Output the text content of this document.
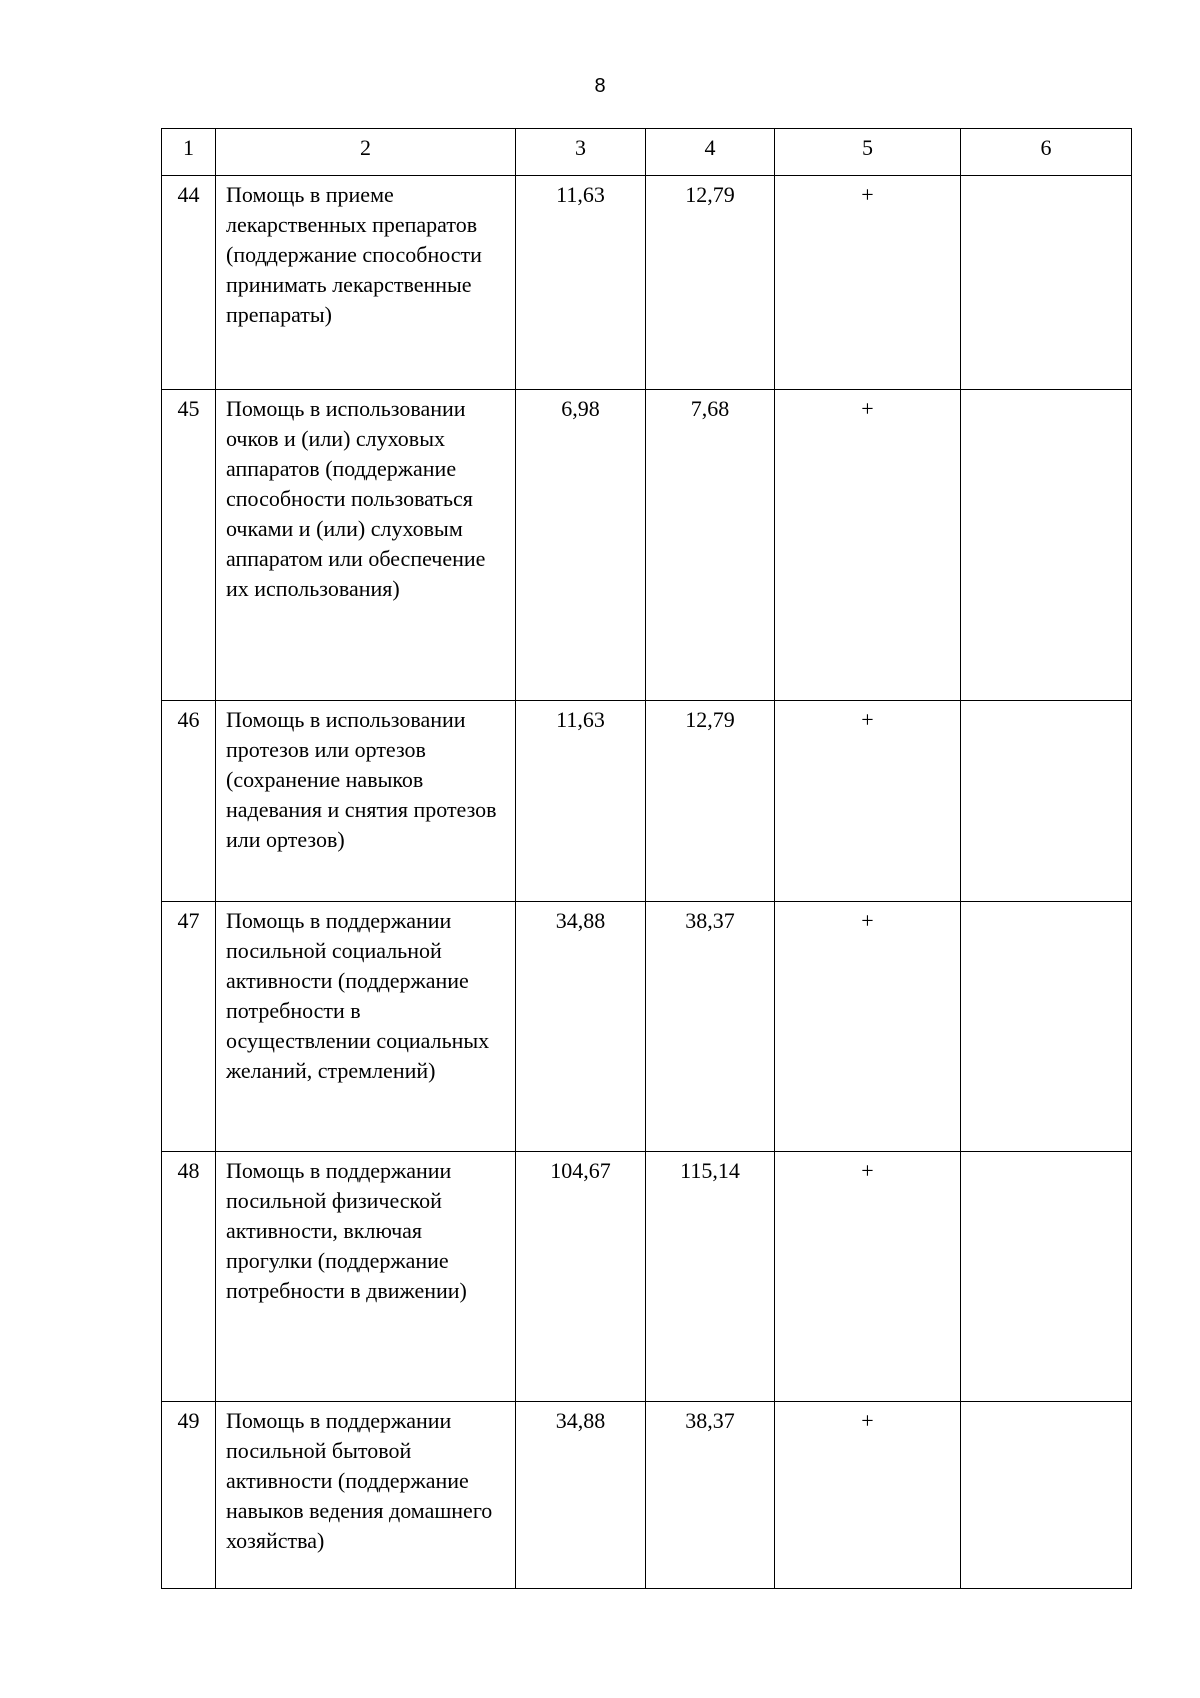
8
1	2	3	4	5	6
44	Помощь в приеме лекарственных препаратов (поддержание способности принимать лекарственные препараты)	11,63	12,79	+	
45	Помощь в использовании очков и (или) слуховых аппаратов (поддержание способности пользоваться очками и (или) слуховым аппаратом или обеспечение их использования)	6,98	7,68	+	
46	Помощь в использовании протезов или ортезов (сохранение навыков надевания и снятия протезов или ортезов)	11,63	12,79	+	
47	Помощь в поддержании посильной социальной активности (поддержание потребности в осуществлении социальных желаний, стремлений)	34,88	38,37	+	
48	Помощь в поддержании посильной физической активности, включая прогулки (поддержание потребности в движении)	104,67	115,14	+	
49	Помощь в поддержании посильной бытовой активности (поддержание навыков ведения домашнего хозяйства)	34,88	38,37	+	
